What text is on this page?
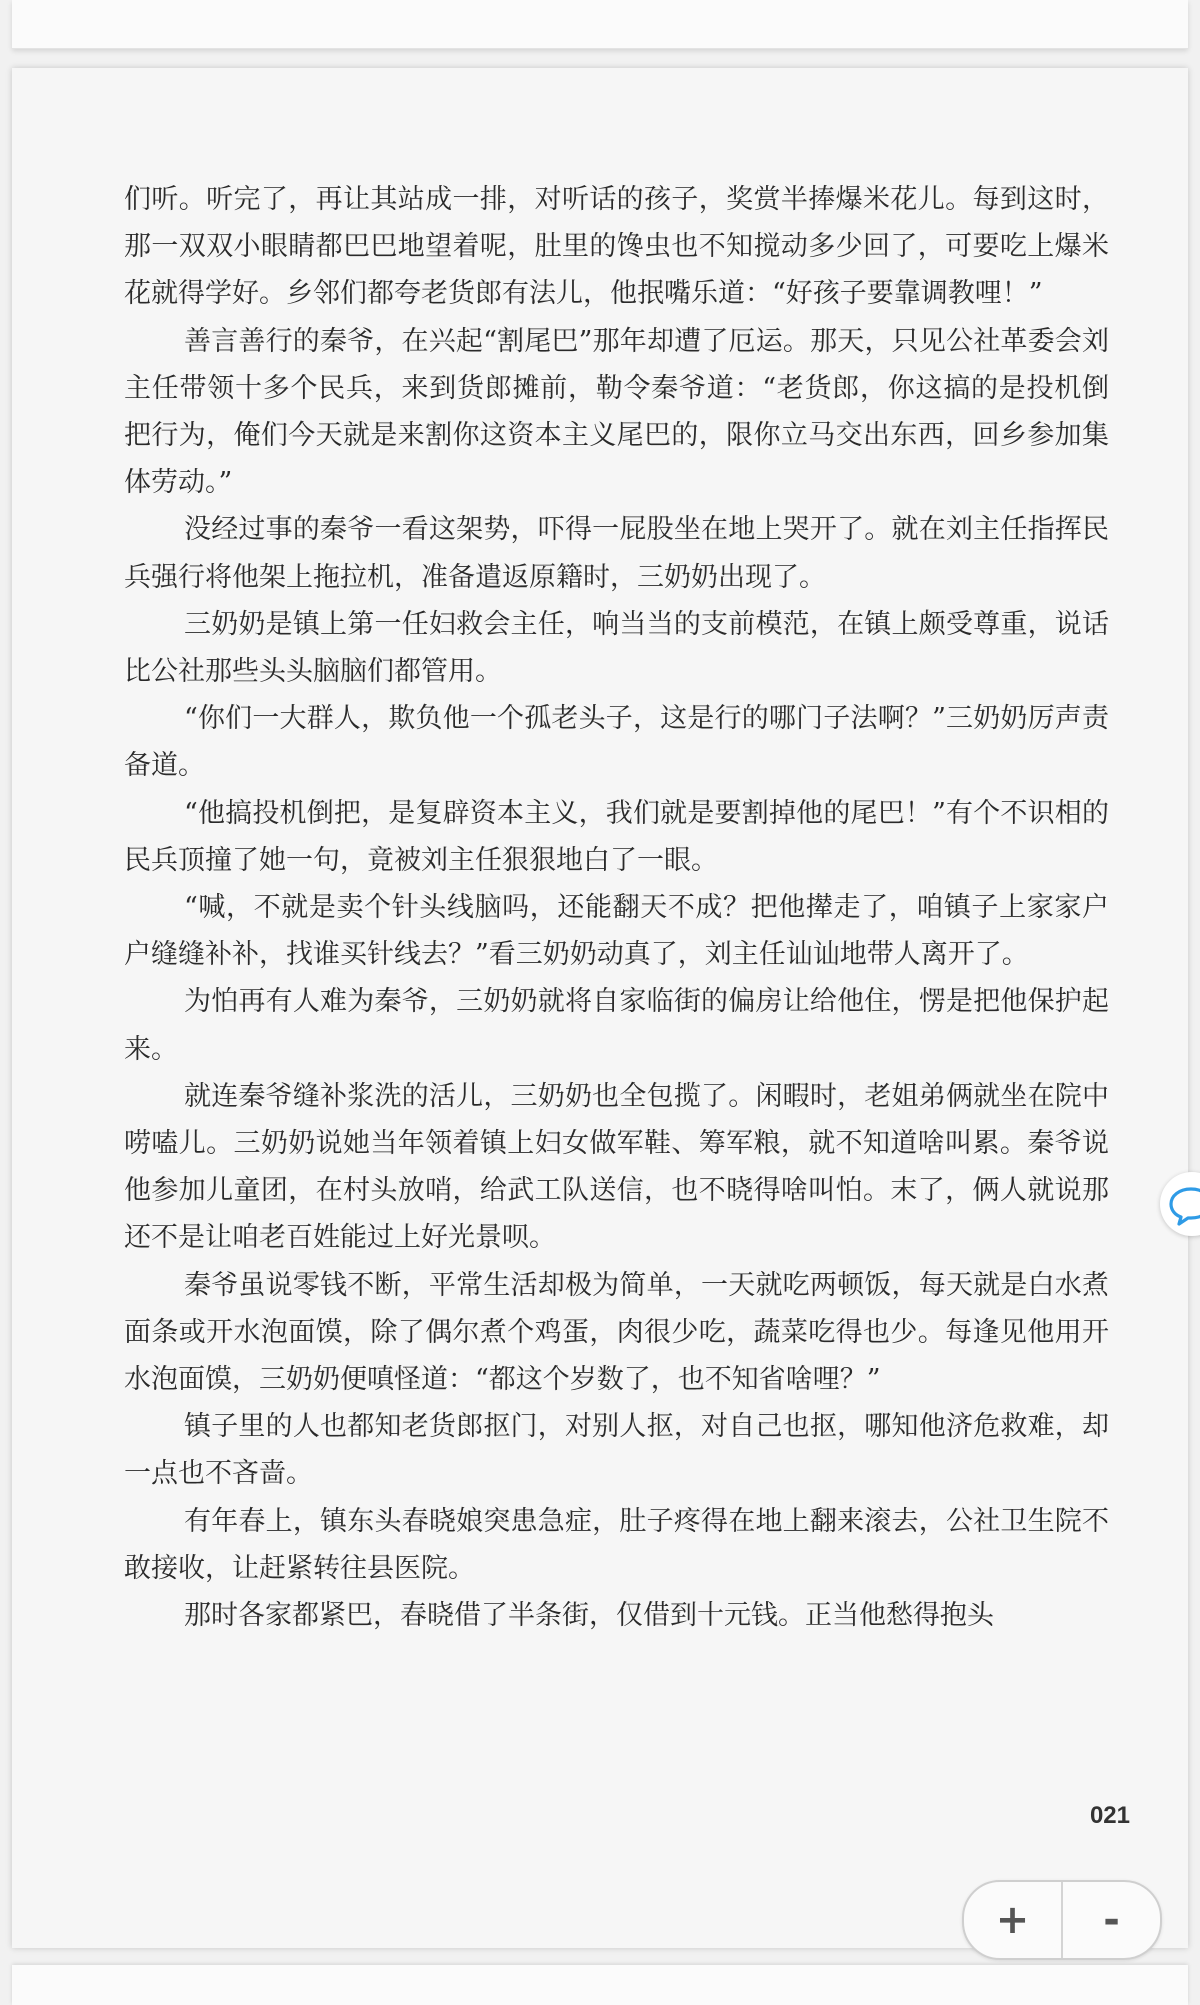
们听。听完了，再让其站成一排，对听话的孩子，奖赏半捧爆米花儿。每到这时，那一双双小眼睛都巴巴地望着呢，肚里的馋虫也不知搅动多少回了，可要吃上爆米花就得学好。乡邻们都夸老货郎有法儿，他抿嘴乐道：“好孩子要靠调教哩！”

善言善行的秦爷，在兴起“割尾巴”那年却遭了厄运。那天，只见公社革委会刘主任带领十多个民兵，来到货郎摊前，勒令秦爷道：“老货郎，你这搞的是投机倒把行为，俺们今天就是来割你这资本主义尾巴的，限你立马交出东西，回乡参加集体劳动。”

没经过事的秦爷一看这架势，吓得一屁股坐在地上哭开了。就在刘主任指挥民兵强行将他架上拖拉机，准备遣返原籍时，三奶奶出现了。

三奶奶是镇上第一任妇救会主任，响当当的支前模范，在镇上颇受尊重，说话比公社那些头头脑脑们都管用。

“你们一大群人，欺负他一个孤老头子，这是行的哪门子法啊？”三奶奶厉声责备道。

“他搞投机倒把，是复辟资本主义，我们就是要割掉他的尾巴！”有个不识相的民兵顶撞了她一句，竟被刘主任狠狠地白了一眼。

“喊，不就是卖个针头线脑吗，还能翻天不成？把他撵走了，咱镇子上家家户户缝缝补补，找谁买针线去？”看三奶奶动真了，刘主任讪讪地带人离开了。

为怕再有人难为秦爷，三奶奶就将自家临街的偏房让给他住，愣是把他保护起来。

就连秦爷缝补浆洗的活儿，三奶奶也全包揽了。闲暇时，老姐弟俩就坐在院中唠嗑儿。三奶奶说她当年领着镇上妇女做军鞋、筹军粮，就不知道啥叫累。秦爷说他参加儿童团，在村头放哨，给武工队送信，也不晓得啥叫怕。末了，俩人就说那还不是让咱老百姓能过上好光景呗。

秦爷虽说零钱不断，平常生活却极为简单，一天就吃两顿饭，每天就是白水煮面条或开水泡面馍，除了偶尔煮个鸡蛋，肉很少吃，蔬菜吃得也少。每逢见他用开水泡面馍，三奶奶便嗔怪道：“都这个岁数了，也不知省啥哩？”

镇子里的人也都知老货郎抠门，对别人抠，对自己也抠，哪知他济危救难，却一点也不吝啬。

有年春上，镇东头春晓娘突患急症，肚子疼得在地上翻来滚去，公社卫生院不敢接收，让赶紧转往县医院。

那时各家都紧巴，春晓借了半条街，仅借到十元钱。正当他愁得抱头

021
+	-
